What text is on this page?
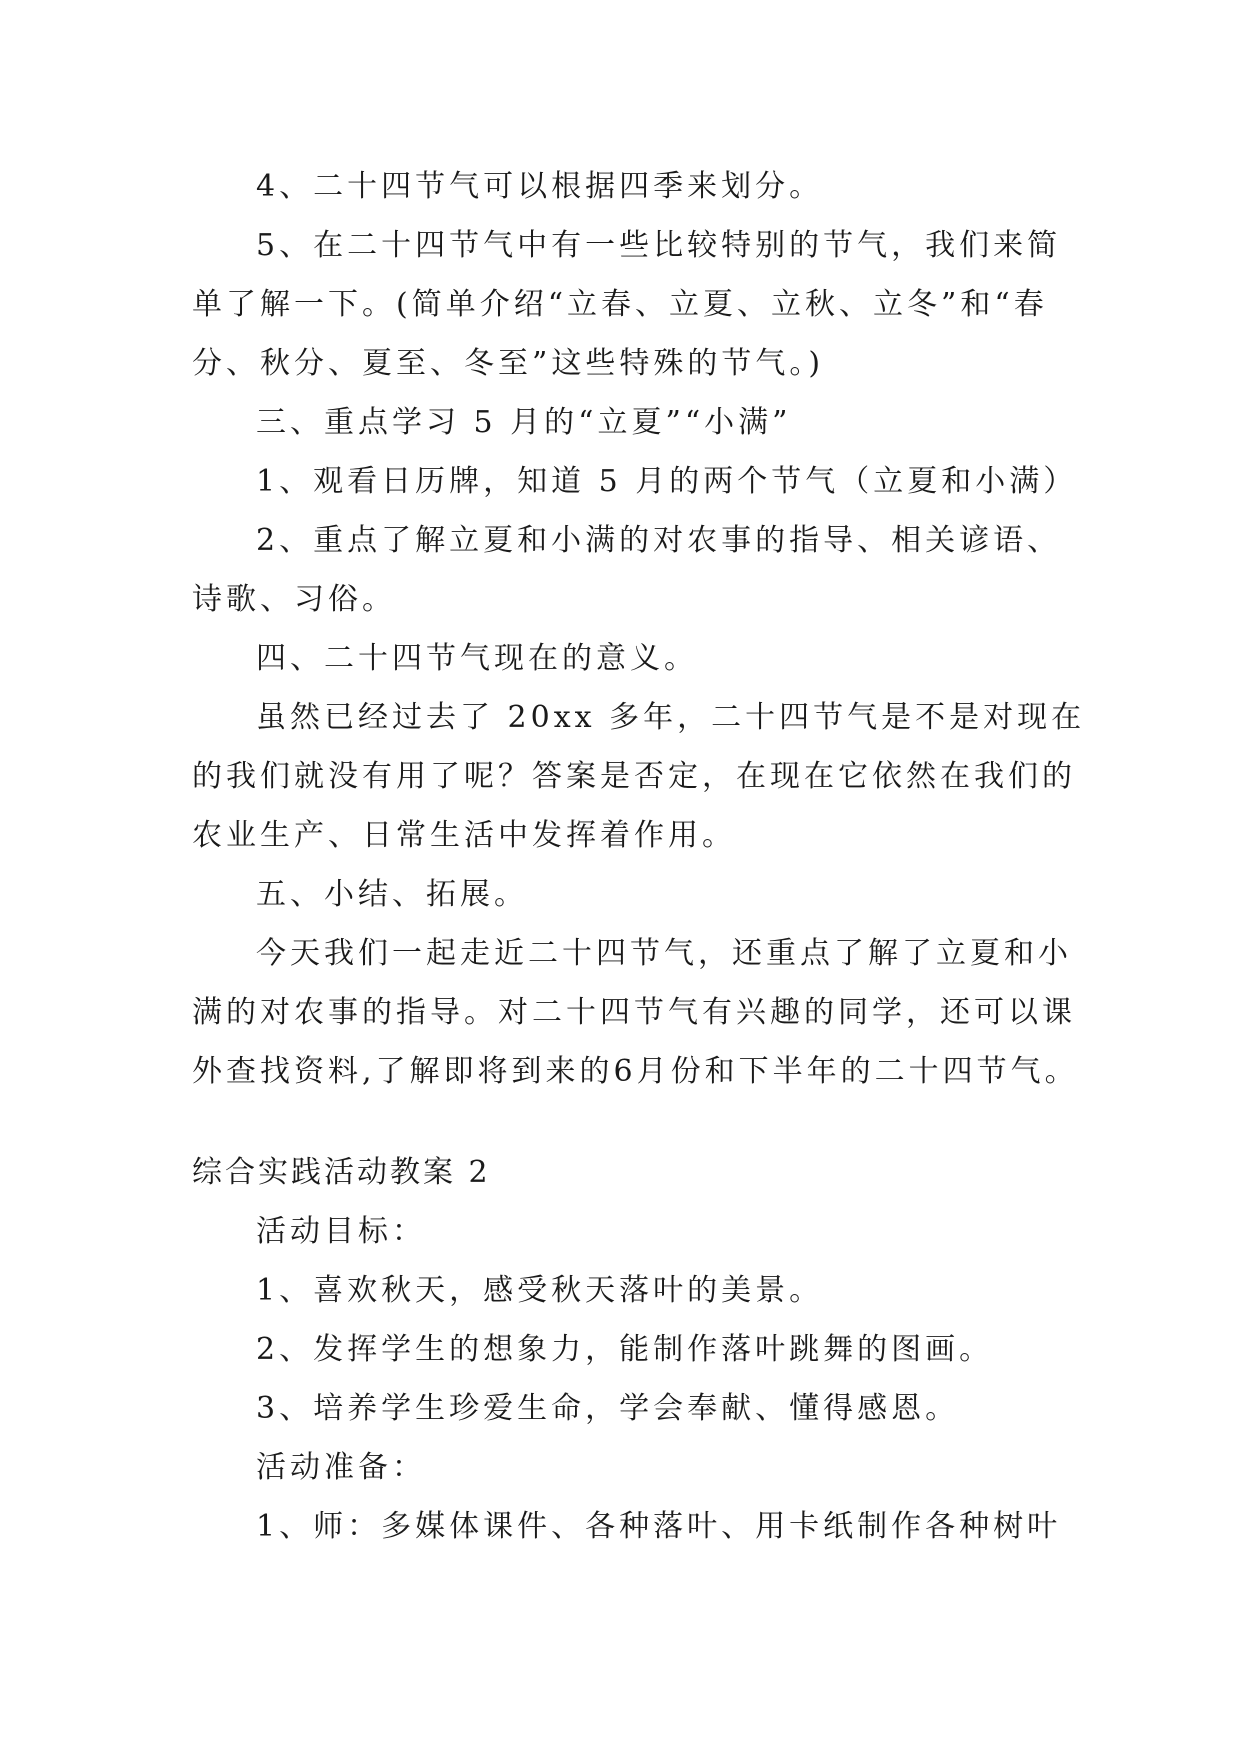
4、二十四节气可以根据四季来划分。
5、在二十四节气中有一些比较特别的节气，我们来简
单了解一下。(简单介绍“立春、立夏、立秋、立冬”和“春
分、秋分、夏至、冬至”这些特殊的节气。)
三、重点学习 5 月的“立夏”“小满”
1、观看日历牌，知道 5 月的两个节气（立夏和小满）
2、重点了解立夏和小满的对农事的指导、相关谚语、
诗歌、习俗。
四、二十四节气现在的意义。
虽然已经过去了 20xx 多年，二十四节气是不是对现在
的我们就没有用了呢？答案是否定，在现在它依然在我们的
农业生产、日常生活中发挥着作用。
五、小结、拓展。
今天我们一起走近二十四节气，还重点了解了立夏和小
满的对农事的指导。对二十四节气有兴趣的同学，还可以课
外查找资料,了解即将到来的6月份和下半年的二十四节气。
综合实践活动教案 2
活动目标：
1、喜欢秋天，感受秋天落叶的美景。
2、发挥学生的想象力，能制作落叶跳舞的图画。
3、培养学生珍爱生命，学会奉献、懂得感恩。
活动准备：
1、师：多媒体课件、各种落叶、用卡纸制作各种树叶
